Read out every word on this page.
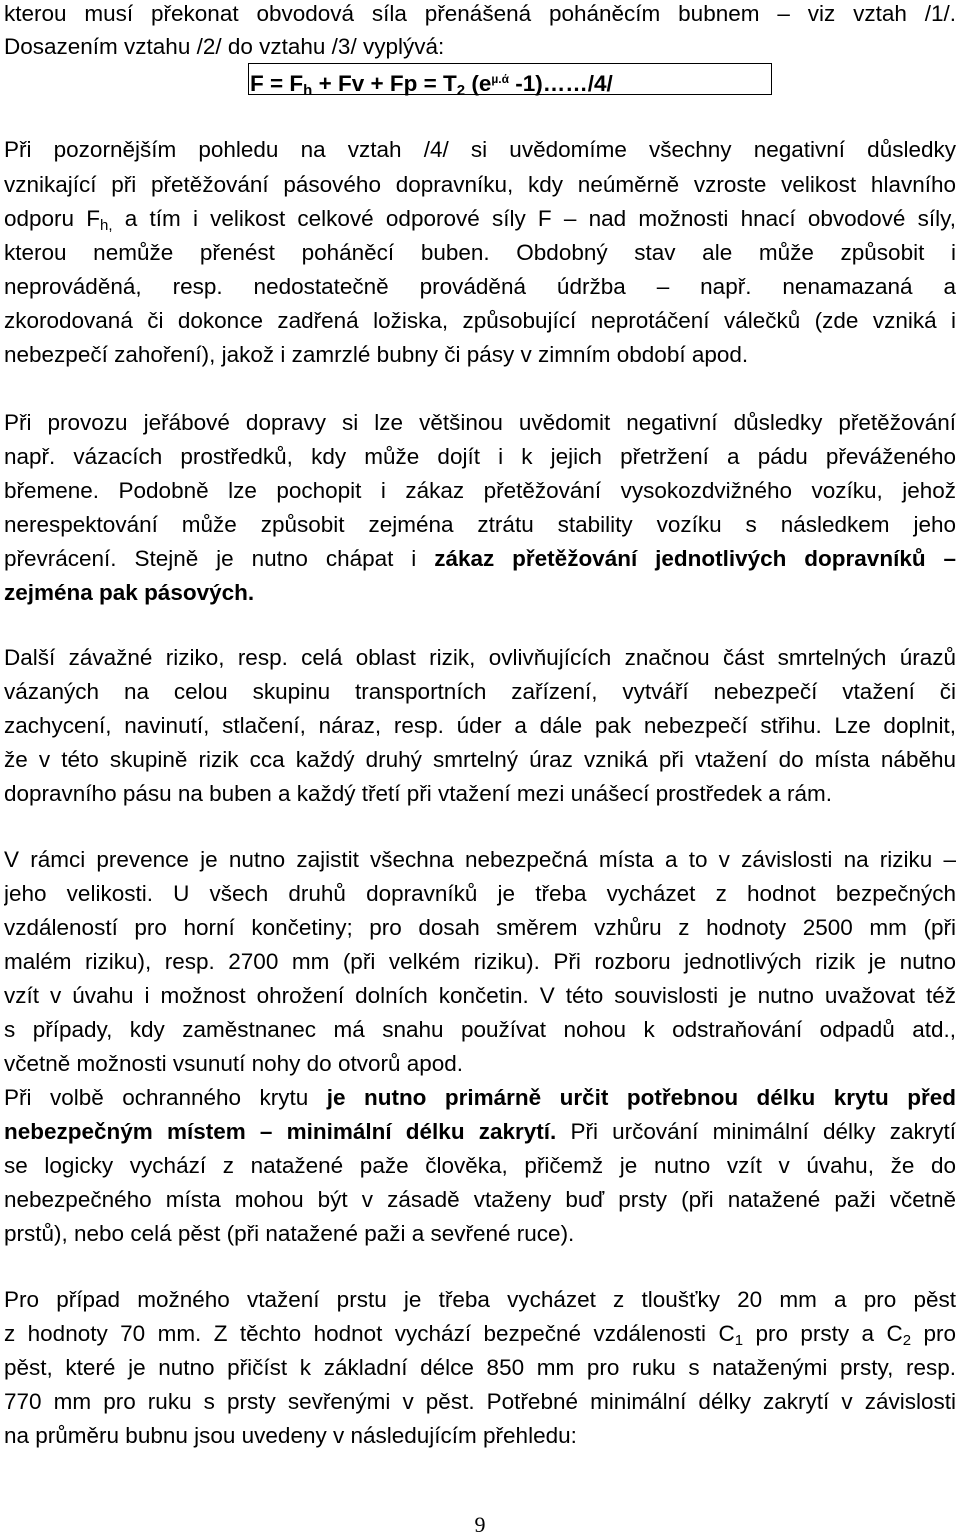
kterou musí překonat obvodová síla přenášená poháněcím bubnem – viz vztah /1/.
Dosazením vztahu /2/ do vztahu /3/ vyplývá:
$F = F_h + Fv + Fp = T_2$ ($e^{\mu.ά}$ -1)……/4/
Při pozornějším pohledu na vztah /4/ si uvědomíme všechny negativní důsledky
vznikající při přetěžování pásového dopravníku, kdy neúměrně vzroste velikost hlavního
odporu $F_{h,}$ a tím i velikost celkové odporové síly F – nad možnosti hnací obvodové síly,
kterou nemůže přenést poháněcí buben. Obdobný stav ale může způsobit i
neprováděná, resp. nedostatečně prováděná údržba – např. nenamazaná a
zkorodovaná či dokonce zadřená ložiska, způsobující neprotáčení válečků (zde vzniká i
nebezpečí zahoření), jakož i zamrzlé bubny či pásy v zimním období apod.
Při provozu jeřábové dopravy si lze většinou uvědomit negativní důsledky přetěžování
např. vázacích prostředků, kdy může dojít i k jejich přetržení a pádu převáženého
břemene. Podobně lze pochopit i zákaz přetěžování vysokozdvižného vozíku, jehož
nerespektování může způsobit zejména ztrátu stability vozíku s následkem jeho
převrácení. Stejně je nutno chápat i zákaz přetěžování jednotlivých dopravníků –
zejména pak pásových.
Další závažné riziko, resp. celá oblast rizik, ovlivňujících značnou část smrtelných úrazů
vázaných na celou skupinu transportních zařízení, vytváří nebezpečí vtažení či
zachycení, navinutí, stlačení, náraz, resp. úder a dále pak nebezpečí střihu. Lze doplnit,
že v této skupině rizik cca každý druhý smrtelný úraz vzniká při vtažení do místa náběhu
dopravního pásu na buben a každý třetí při vtažení mezi unášecí prostředek a rám.
V rámci prevence je nutno zajistit všechna nebezpečná místa a to v závislosti na riziku –
jeho velikosti. U všech druhů dopravníků je třeba vycházet z hodnot bezpečných
vzdáleností pro horní končetiny; pro dosah směrem vzhůru z hodnoty 2500 mm (při
malém riziku), resp. 2700 mm (při velkém riziku). Při rozboru jednotlivých rizik je nutno
vzít v úvahu i možnost ohrožení dolních končetin. V této souvislosti je nutno uvažovat též
s případy, kdy zaměstnanec má snahu používat nohou k odstraňování odpadů atd.,
včetně možnosti vsunutí nohy do otvorů apod.
Při volbě ochranného krytu je nutno primárně určit potřebnou délku krytu před
nebezpečným místem – minimální délku zakrytí. Při určování minimální délky zakrytí
se logicky vychází z natažené paže člověka, přičemž je nutno vzít v úvahu, že do
nebezpečného místa mohou být v zásadě vtaženy buď prsty (při natažené paži včetně
prstů), nebo celá pěst (při natažené paži a sevřené ruce).
Pro případ možného vtažení prstu je třeba vycházet z tloušťky 20 mm a pro pěst
z hodnoty 70 mm. Z těchto hodnot vychází bezpečné vzdálenosti $C_1$ pro prsty a $C_2$ pro
pěst, které je nutno přičíst k základní délce 850 mm pro ruku s nataženými prsty, resp.
770 mm pro ruku s prsty sevřenými v pěst. Potřebné minimální délky zakrytí v závislosti
na průměru bubnu jsou uvedeny v následujícím přehledu:
9
